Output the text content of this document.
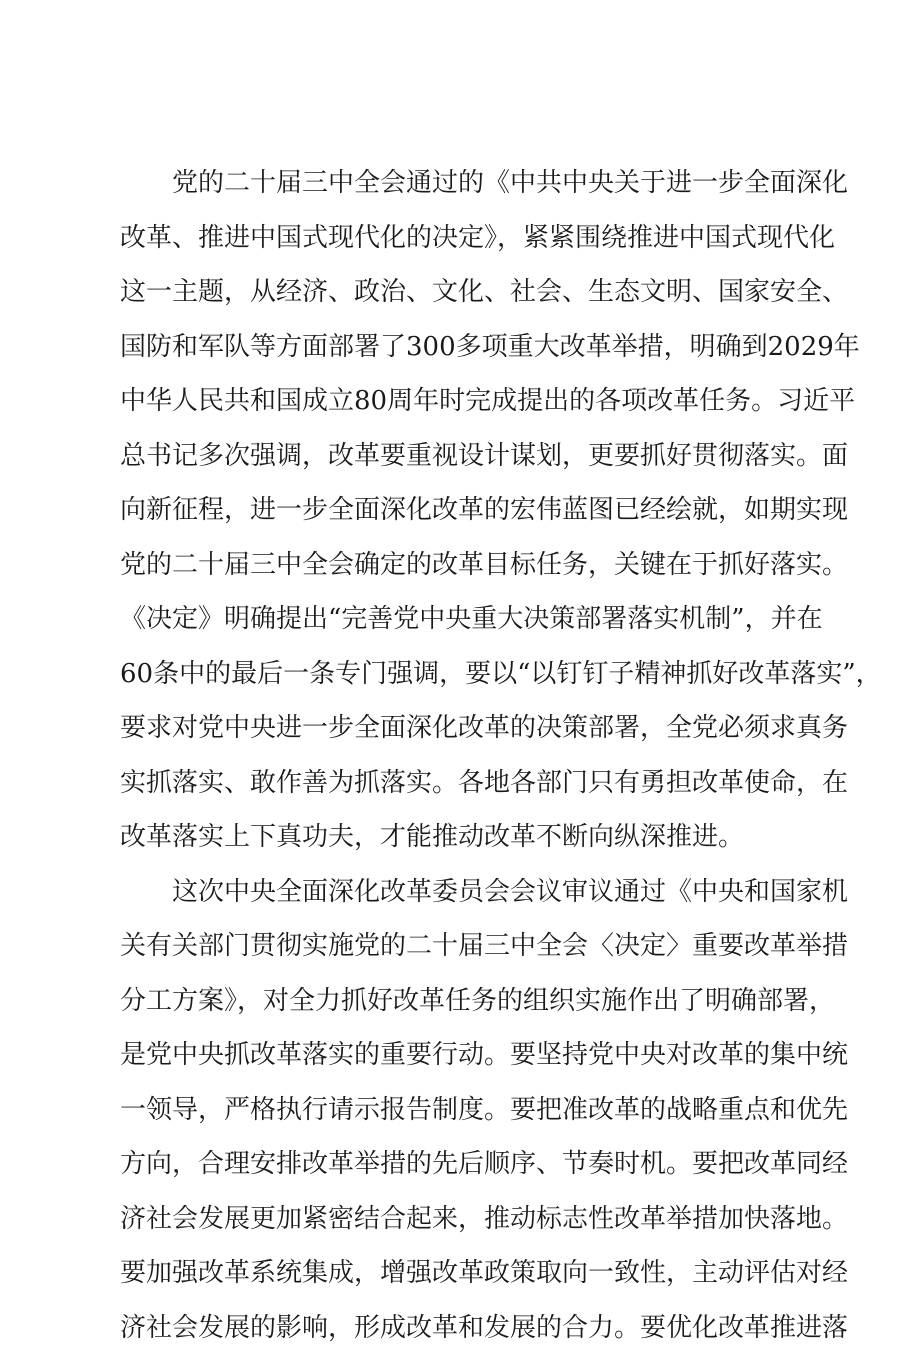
党的二十届三中全会通过的《中共中央关于进一步全面深化
改革、推进中国式现代化的决定》，紧紧围绕推进中国式现代化
这一主题，从经济、政治、文化、社会、生态文明、国家安全、
国防和军队等方面部署了300多项重大改革举措，明确到2029年
中华人民共和国成立80周年时完成提出的各项改革任务。习近平
总书记多次强调，改革要重视设计谋划，更要抓好贯彻落实。面
向新征程，进一步全面深化改革的宏伟蓝图已经绘就，如期实现
党的二十届三中全会确定的改革目标任务，关键在于抓好落实。
《决定》明确提出“完善党中央重大决策部署落实机制”，并在
60条中的最后一条专门强调，要以“以钉钉子精神抓好改革落实”，
要求对党中央进一步全面深化改革的决策部署，全党必须求真务
实抓落实、敢作善为抓落实。各地各部门只有勇担改革使命，在
改革落实上下真功夫，才能推动改革不断向纵深推进。
这次中央全面深化改革委员会会议审议通过《中央和国家机
关有关部门贯彻实施党的二十届三中全会〈决定〉重要改革举措
分工方案》，对全力抓好改革任务的组织实施作出了明确部署，
是党中央抓改革落实的重要行动。要坚持党中央对改革的集中统
一领导，严格执行请示报告制度。要把准改革的战略重点和优先
方向，合理安排改革举措的先后顺序、节奏时机。要把改革同经
济社会发展更加紧密结合起来，推动标志性改革举措加快落地。
要加强改革系统集成，增强改革政策取向一致性，主动评估对经
济社会发展的影响，形成改革和发展的合力。要优化改革推进落
